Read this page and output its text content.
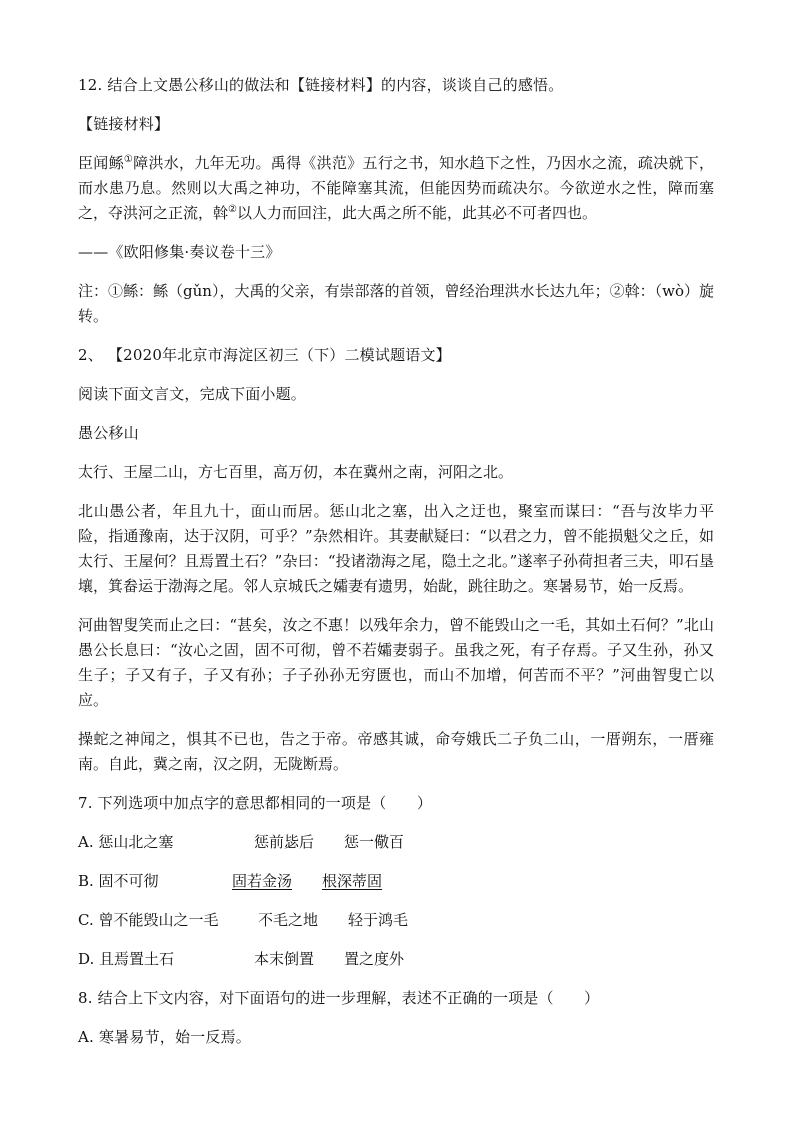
12. 结合上文愚公移山的做法和【链接材料】的内容，谈谈自己的感悟。

【链接材料】

臣闻鲧①障洪水，九年无功。禹得《洪范》五行之书，知水趋下之性，乃因水之流，疏决就下，而水患乃息。然则以大禹之神功，不能障塞其流，但能因势而疏决尔。今欲逆水之性，障而塞之，夺洪河之正流，斡②以人力而回注，此大禹之所不能，此其必不可者四也。

——《欧阳修集·奏议卷十三》

注：①鲧：鲧（gǔn），大禹的父亲，有崇部落的首领，曾经治理洪水长达九年；②斡：（wò）旋转。

2、 【2020年北京市海淀区初三（下）二模试题语文】

阅读下面文言文，完成下面小题。

愚公移山

太行、王屋二山，方七百里，高万仞，本在冀州之南，河阳之北。

北山愚公者，年且九十，面山而居。惩山北之塞，出入之迂也，聚室而谋曰：“吾与汝毕力平险，指通豫南，达于汉阴，可乎？”杂然相许。其妻献疑曰：“以君之力，曾不能损魁父之丘，如太行、王屋何？且焉置土石？”杂曰：“投诸渤海之尾，隐土之北。”遂率子孙荷担者三夫，叩石垦壤，箕畚运于渤海之尾。邻人京城氏之孀妻有遗男，始龀，跳往助之。寒暑易节，始一反焉。

河曲智叟笑而止之曰：“甚矣，汝之不惠！以残年余力，曾不能毁山之一毛，其如土石何？”北山愚公长息曰：“汝心之固，固不可彻，曾不若孀妻弱子。虽我之死，有子存焉。子又生孙，孙又生子；子又有子，子又有孙；子子孙孙无穷匮也，而山不加增，何苦而不平？”河曲智叟亡以应。

操蛇之神闻之，惧其不已也，告之于帝。帝感其诚，命夸娥氏二子负二山，一厝朔东，一厝雍南。自此，冀之南，汉之阴，无陇断焉。

7. 下列选项中加点字的意思都相同的一项是（　　）

A. 惩山北之塞	惩前毖后 惩一儆百
B. 固不可彻	固若金汤 根深蒂固
C. 曾不能毁山之一毛	不毛之地 轻于鸿毛
D. 且焉置土石	本末倒置 置之度外

8. 结合上下文内容，对下面语句的进一步理解，表述不正确的一项是（　　）

A. 寒暑易节，始一反焉。
